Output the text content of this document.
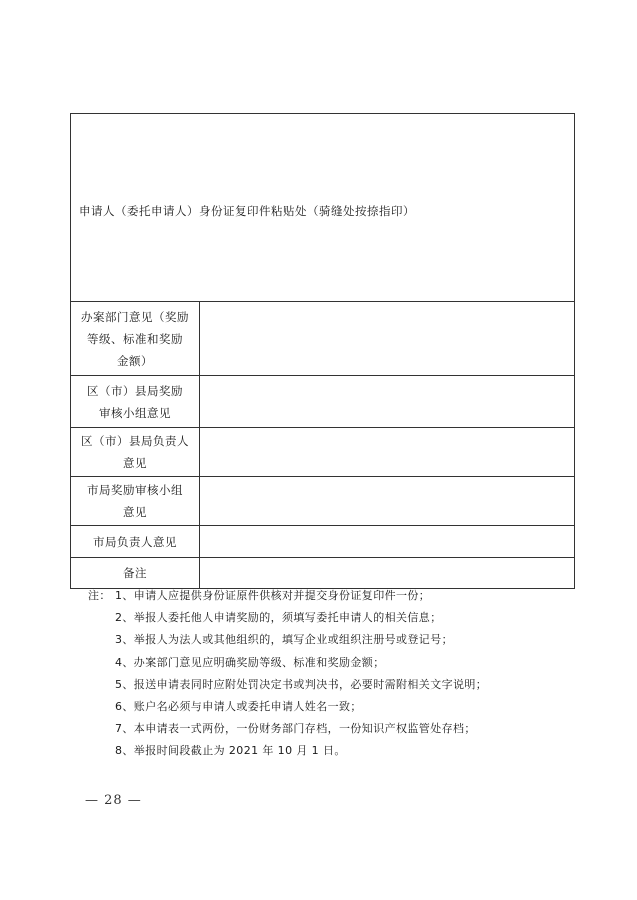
申请人（委托申请人）身份证复印件粘贴处（骑缝处按捺指印）	

办案部门意见（奖励
等级、标准和奖励
金额）	

区（市）县局奖励
审核小组意见	

区（市）县局负责人
意见	

市局奖励审核小组
意见	

市局负责人意见	

备注	

注： 1、申请人应提供身份证原件供核对并提交身份证复印件一份；
2、举报人委托他人申请奖励的，须填写委托申请人的相关信息；
3、举报人为法人或其他组织的，填写企业或组织注册号或登记号；
4、办案部门意见应明确奖励等级、标准和奖励金额；
5、报送申请表同时应附处罚决定书或判决书，必要时需附相关文字说明；
6、账户名必须与申请人或委托申请人姓名一致；
7、本申请表一式两份，一份财务部门存档，一份知识产权监管处存档；
8、举报时间段截止为 2021 年 10 月 1 日。
— 28 —
